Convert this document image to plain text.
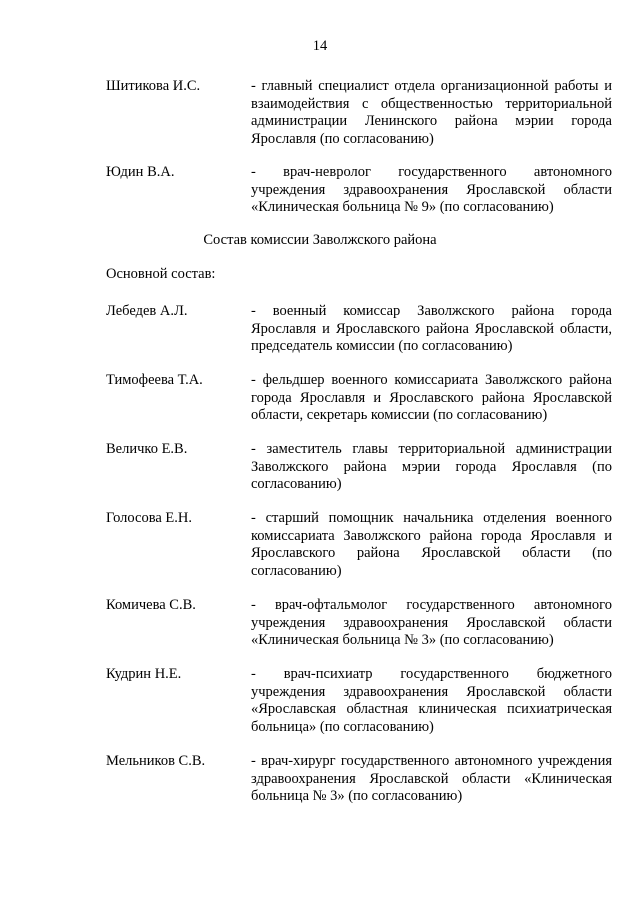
14
Шитикова И.С.	- главный специалист отдела организационной работы и взаимодействия с общественностью территориальной администрации Ленинского района мэрии города Ярославля (по согласованию)
Юдин В.А.	- врач-невролог государственного автономного учреждения здравоохранения Ярославской области «Клиническая больница № 9» (по согласованию)
Состав комиссии Заволжского района
Основной состав:
Лебедев А.Л.	- военный комиссар Заволжского района города Ярославля и Ярославского района Ярославской области, председатель комиссии (по согласованию)
Тимофеева Т.А.	- фельдшер военного комиссариата Заволжского района города Ярославля и Ярославского района Ярославской области, секретарь комиссии (по согласованию)
Величко Е.В.	- заместитель главы территориальной администрации Заволжского района мэрии города Ярославля (по согласованию)
Голосова Е.Н.	- старший помощник начальника отделения военного комиссариата Заволжского района города Ярославля и Ярославского района Ярославской области (по согласованию)
Комичева С.В.	- врач-офтальмолог государственного автономного учреждения здравоохранения Ярославской области «Клиническая больница № 3» (по согласованию)
Кудрин Н.Е.	- врач-психиатр государственного бюджетного учреждения здравоохранения Ярославской области «Ярославская областная клиническая психиатрическая больница» (по согласованию)
Мельников С.В.	- врач-хирург государственного автономного учреждения здравоохранения Ярославской области «Клиническая больница № 3» (по согласованию)
